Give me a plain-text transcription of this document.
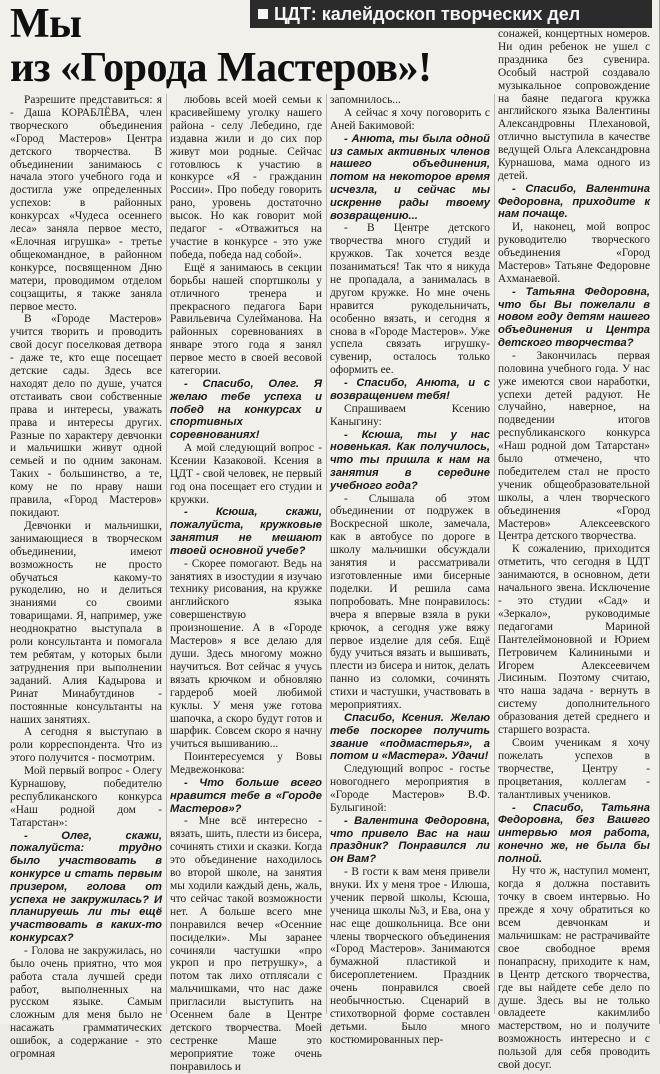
ЦДТ: калейдоскоп творческих дел
Мы
из «Города Мастеров»!

Разрешите представиться: я - Даша КОРАБЛЁВА, член творческого объединения «Город Мастеров» Центра детского творчества. В объединении занимаюсь с начала этого учебного года и достигла уже определенных успехов: в районных конкурсах «Чудеса осеннего леса» заняла первое место, «Елочная игрушка» - третье общекомандное, в районном конкурсе, посвященном Дню матери, проводимом отделом соцзащиты, я также заняла первое место.

В «Городе Мастеров» учится творить и проводить свой досуг поселковая детвора - даже те, кто еще посещает детские сады. Здесь все находят дело по душе, учатся отстаивать свои собственные права и интересы, уважать права и интересы других. Разные по характеру девчонки и мальчишки живут одной семьей и по одним законам. Таких - большинство, а те, кому не по нраву наши правила, «Город Мастеров» покидают.

Девчонки и мальчишки, занимающиеся в творческом объединении, имеют возможность не просто обучаться какому-то рукоделию, но и делиться знаниями со своими товарищами. Я, например, уже неоднократно выступала в роли консультанта и помогала тем ребятам, у которых были затруднения при выполнении заданий. Алия Кадырова и Ринат Минабутдинов - постоянные консультанты на наших занятиях.

А сегодня я выступаю в роли корреспондента. Что из этого получится - посмотрим.

Мой первый вопрос - Олегу Курнашову, победителю республиканского конкурса «Наш родной дом - Татарстан»:

- Олег, скажи, пожалуйста: трудно было участвовать в конкурсе и стать первым призером, голова от успеха не закружилась? И планируешь ли ты ещё участвовать в каких-то конкурсах?

- Голова не закружилась, но было очень приятно, что моя работа стала лучшей среди работ, выполненных на русском языке. Самым сложным для меня было не насажать грамматических ошибок, а содержание - это огромная

любовь всей моей семьи к красивейшему уголку нашего района - селу Лебедино, где издавна жили и до сих пор живут мои родные. Сейчас готовлюсь к участию в конкурсе «Я - гражданин России». Про победу говорить рано, уровень достаточно высок. Но как говорит мой педагог - «Отважиться на участие в конкурсе - это уже победа, победа над собой».

Ещё я занимаюсь в секции борьбы нашей спортшколы у отличного тренера и прекрасного педагога Бари Равильевича Сулейманова. На районных соревнованиях в январе этого года я занял первое место в своей весовой категории.

- Спасибо, Олег. Я желаю тебе успеха и побед на конкурсах и спортивных соревнованиях!

А мой следующий вопрос - Ксении Казаковой. Ксения в ЦДТ - свой человек, не первый год она посещает его студии и кружки.

- Ксюша, скажи, пожалуйста, кружковые занятия не мешают твоей основной учебе?

- Скорее помогают. Ведь на занятиях в изостудии я изучаю технику рисования, на кружке английского языка совершенствую произношение. А в «Городе Мастеров» я все делаю для души. Здесь многому можно научиться. Вот сейчас я учусь вязать крючком и обновляю гардероб моей любимой куклы. У меня уже готова шапочка, а скоро будут готов и шарфик. Совсем скоро я начну учиться вышиванию...

Поинтересуемся у Вовы Медвежонкова:

- Что больше всего нравится тебе в «Городе Мастеров»?

- Мне всё интересно - вязать, шить, плести из бисера, сочинять стихи и сказки. Когда это объединение находилось во второй школе, на занятия мы ходили каждый день, жаль, что сейчас такой возможности нет. А больше всего мне понравился вечер «Осенние посиделки». Мы заранее сочиняли частушки «про укроп и про петрушку», а потом так лихо отплясали с мальчишками, что нас даже пригласили выступить на Осеннем бале в Центре детского творчества. Моей сестренке Маше это мероприятие тоже очень понравилось и

запомнилось...

А сейчас я хочу поговорить с Аней Бакимовой:

- Анюта, ты была одной из самых активных членов нашего объединения, потом на некоторое время исчезла, и сейчас мы искренне рады твоему возвращению...

- В Центре детского творчества много студий и кружков. Так хочется везде позаниматься! Так что я никуда не пропадала, а занималась в другом кружке. Но мне очень нравится рукодельничать, особенно вязать, и сегодня я снова в «Городе Мастеров». Уже успела связать игрушку-сувенир, осталось только оформить ее.

- Спасибо, Анюта, и с возвращением тебя!

Спрашиваем Ксению Каныгину:

- Ксюша, ты у нас новенькая. Как получилось, что ты пришла к нам на занятия в середине учебного года?

- Слышала об этом объединении от подружек в Воскресной школе, замечала, как в автобусе по дороге в школу мальчишки обсуждали занятия и рассматривали изготовленные ими бисерные поделки. И решила сама попробовать. Мне понравилось: вчера я впервые взяла в руки крючок, а сегодня уже вяжу первое изделие для себя. Ещё буду учиться вязать и вышивать, плести из бисера и ниток, делать панно из соломки, сочинять стихи и частушки, участвовать в мероприятиях.

Спасибо, Ксения. Желаю тебе поскорее получить звание «подмастерья», а потом и «Мастера». Удачи!

Следующий вопрос - гостье новогоднего мероприятия в «Городе Мастеров» В.Ф. Булыгиной:

- Валентина Федоровна, что привело Вас на наш праздник? Понравился ли он Вам?

- В гости к вам меня привели внуки. Их у меня трое - Илюша, ученик первой школы, Ксюша, ученица школы №3, и Ева, она у нас еще дошкольница. Все они члены творческого объединения «Город Мастеров». Занимаются бумажной пластикой и бисероплетением. Праздник очень понравился своей необычностью. Сценарий в стихотворной форме составлен детьми. Было много костюмированных пер-

сонажей, концертных номеров. Ни один ребенок не ушел с праздника без сувенира. Особый настрой создавало музыкальное сопровождение на баяне педагога кружка английского языка Валентины Александровны Плехановой, отлично выступила в качестве ведущей Ольга Александровна Курнашова, мама одного из детей.

- Спасибо, Валентина Федоровна, приходите к нам почаще.

И, наконец, мой вопрос руководителю творческого объединения «Город Мастеров» Татьяне Федоровне Ахманаевой.

- Татьяна Федоровна, что бы Вы пожелали в новом году детям нашего объединения и Центра детского творчества?

- Закончилась первая половина учебного года. У нас уже имеются свои наработки, успехи детей радуют. Не случайно, наверное, на подведении итогов республиканского конкурса «Наш родной дом Татарстан» было отмечено, что победителем стал не просто ученик общеобразовательной школы, а член творческого объединения «Город Мастеров» Алексеевского Центра детского творчества.

К сожалению, приходится отметить, что сегодня в ЦДТ занимаются, в основном, дети начального звена. Исключение - это студии «Сад» и «Зеркало», руководимые педагогами Мариной Пантелеймоновной и Юрием Петровичем Калиниными и Игорем Алексеевичем Лисиным. Поэтому считаю, что наша задача - вернуть в систему дополнительного образования детей среднего и старшего возраста.

Своим ученикам я хочу пожелать успехов в творчестве, Центру - процветания, коллегам - талантливых учеников.

- Спасибо, Татьяна Федоровна, без Вашего интервью моя работа, конечно же, не была бы полной.

Ну что ж, наступил момент, когда я должна поставить точку в своем интервью. Но прежде я хочу обратиться ко всем девчонкам и мальчишкам: не растрачивайте свое свободное время понапрасну, приходите к нам, в Центр детского творчества, где вы найдете себе дело по душе. Здесь вы не только овладеете какимлибо мастерством, но и получите возможность интересно и с пользой для себя проводить свой досуг.
